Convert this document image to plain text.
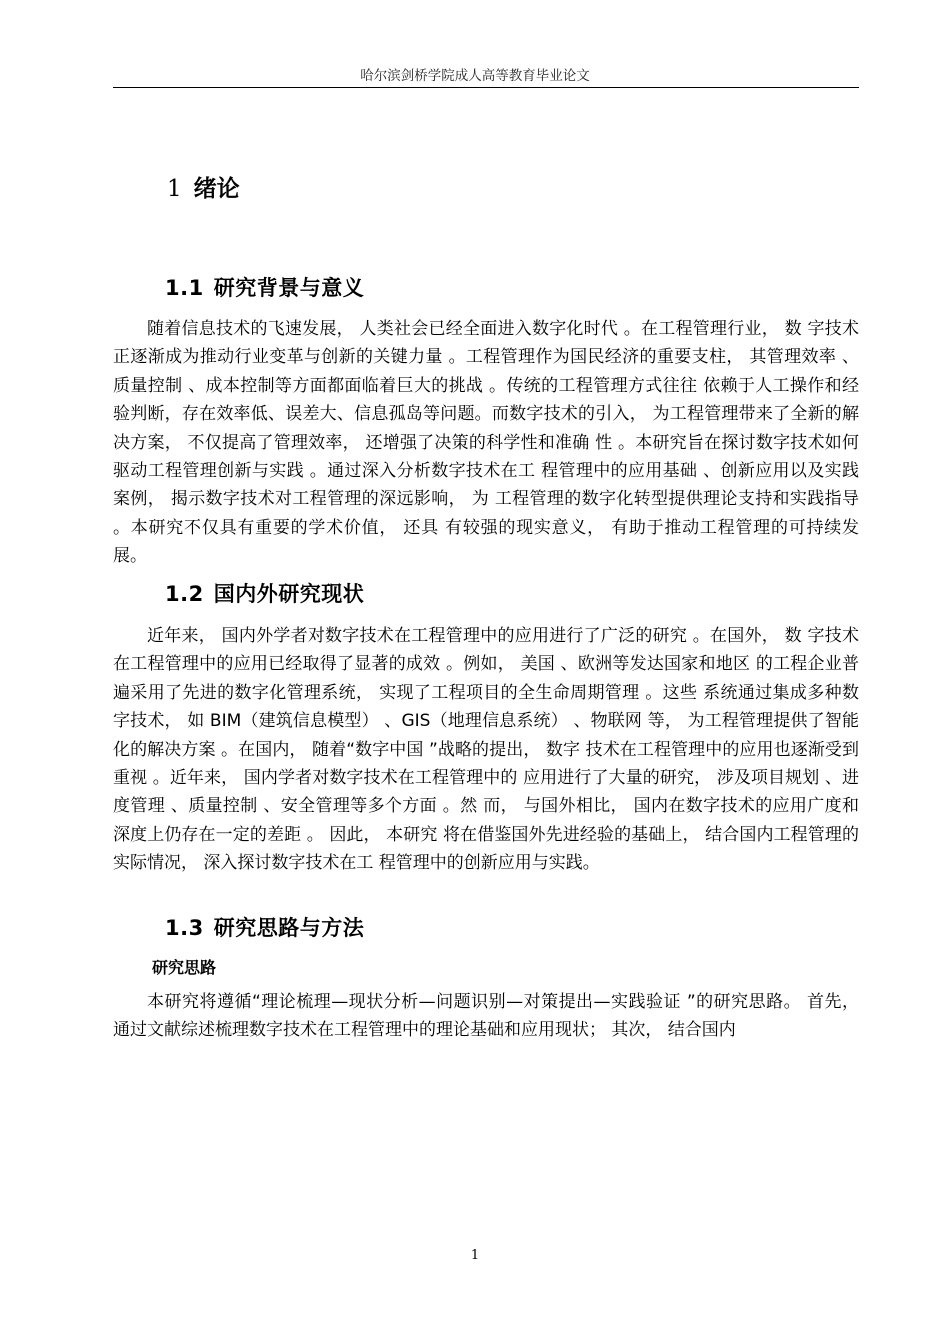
哈尔滨剑桥学院成人高等教育毕业论文
1 绪论
1.1 研究背景与意义

随着信息技术的飞速发展， 人类社会已经全面进入数字化时代 。在工程管理行业， 数 字技术正逐渐成为推动行业变革与创新的关键力量 。工程管理作为国民经济的重要支柱， 其管理效率 、质量控制 、成本控制等方面都面临着巨大的挑战 。传统的工程管理方式往往 依赖于人工操作和经验判断，存在效率低、误差大、信息孤岛等问题。而数字技术的引入， 为工程管理带来了全新的解决方案， 不仅提高了管理效率， 还增强了决策的科学性和准确 性 。本研究旨在探讨数字技术如何驱动工程管理创新与实践 。通过深入分析数字技术在工 程管理中的应用基础 、创新应用以及实践案例， 揭示数字技术对工程管理的深远影响， 为 工程管理的数字化转型提供理论支持和实践指导 。本研究不仅具有重要的学术价值， 还具 有较强的现实意义， 有助于推动工程管理的可持续发展。

1.2 国内外研究现状

近年来， 国内外学者对数字技术在工程管理中的应用进行了广泛的研究 。在国外， 数 字技术在工程管理中的应用已经取得了显著的成效 。例如， 美国 、欧洲等发达国家和地区 的工程企业普遍采用了先进的数字化管理系统， 实现了工程项目的全生命周期管理 。这些 系统通过集成多种数字技术， 如 BIM（建筑信息模型） 、GIS（地理信息系统） 、物联网 等， 为工程管理提供了智能化的解决方案 。在国内， 随着“数字中国 ”战略的提出， 数字 技术在工程管理中的应用也逐渐受到重视 。近年来， 国内学者对数字技术在工程管理中的 应用进行了大量的研究， 涉及项目规划 、进度管理 、质量控制 、安全管理等多个方面 。然 而， 与国外相比， 国内在数字技术的应用广度和深度上仍存在一定的差距 。 因此， 本研究 将在借鉴国外先进经验的基础上， 结合国内工程管理的实际情况， 深入探讨数字技术在工 程管理中的创新应用与实践。

1.3 研究思路与方法
研究思路

本研究将遵循“理论梳理—现状分析—问题识别—对策提出—实践验证 ”的研究思路。 首先， 通过文献综述梳理数字技术在工程管理中的理论基础和应用现状； 其次， 结合国内

1
